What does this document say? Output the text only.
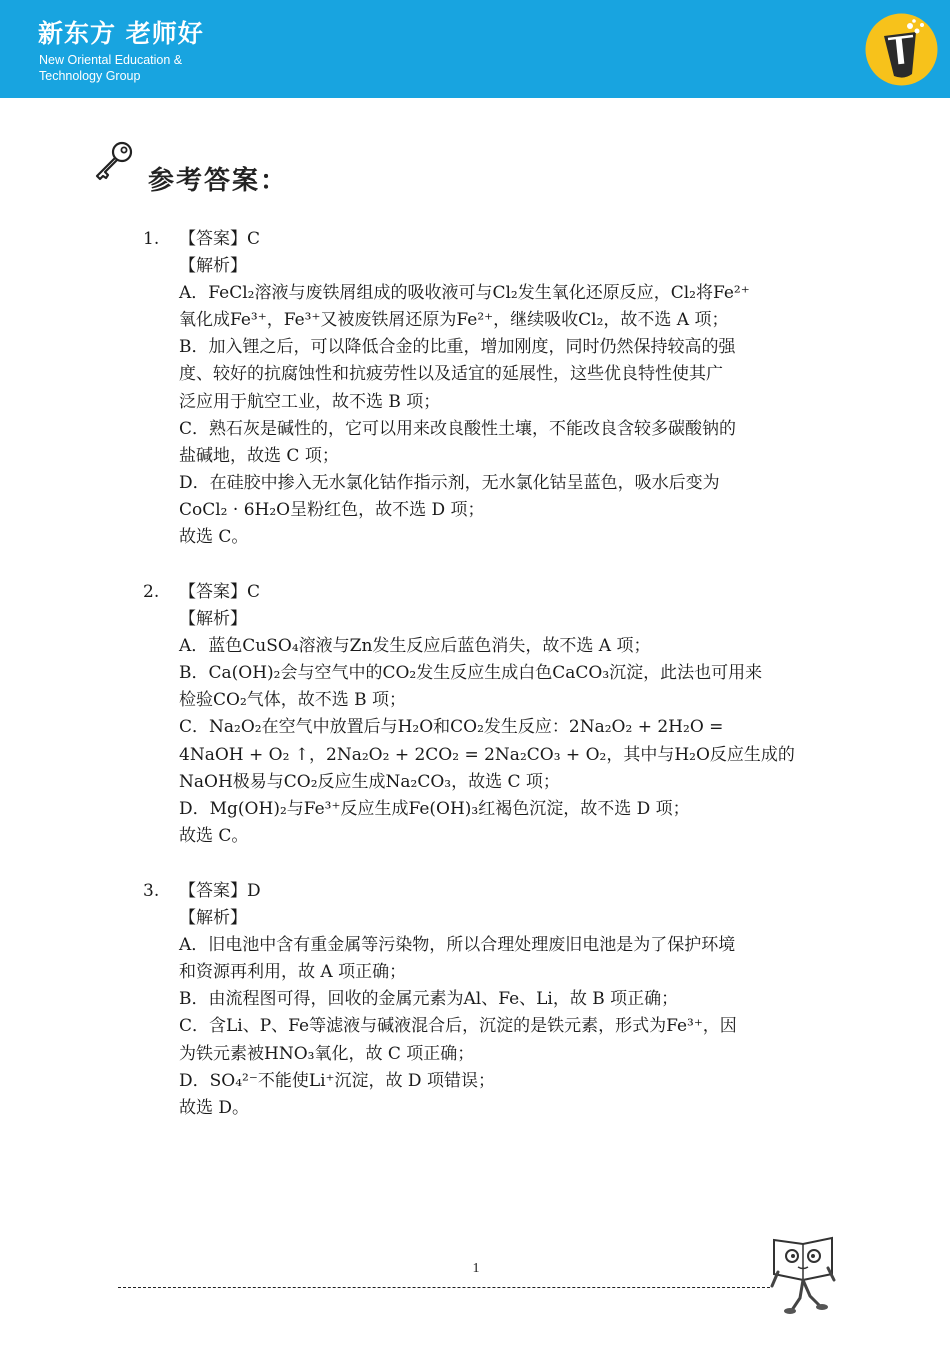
新东方 老师好
New Oriental Education & Technology Group
参考答案：
1. 【答案】C
【解析】
A．FeCl₂溶液与废铁屑组成的吸收液可与Cl₂发生氧化还原反应，Cl₂将Fe²⁺
氧化成Fe³⁺，Fe³⁺又被废铁屑还原为Fe²⁺，继续吸收Cl₂，故不选 A 项；
B．加入锂之后，可以降低合金的比重，增加刚度，同时仍然保持较高的强
度、较好的抗腐蚀性和抗疲劳性以及适宜的延展性，这些优良特性使其广
泛应用于航空工业，故不选 B 项；
C．熟石灰是碱性的，它可以用来改良酸性土壤，不能改良含较多碳酸钠的
盐碱地，故选 C 项；
D．在硅胶中掺入无水氯化钴作指示剂，无水氯化钴呈蓝色，吸水后变为
CoCl₂ · 6H₂O呈粉红色，故不选 D 项；
故选 C。
2. 【答案】C
【解析】
A．蓝色CuSO₄溶液与Zn发生反应后蓝色消失，故不选 A 项；
B．Ca(OH)₂会与空气中的CO₂发生反应生成白色CaCO₃沉淀，此法也可用来
检验CO₂气体，故不选 B 项；
C．Na₂O₂在空气中放置后与H₂O和CO₂发生反应：2Na₂O₂ + 2H₂O =
4NaOH + O₂ ↑，2Na₂O₂ + 2CO₂ = 2Na₂CO₃ + O₂，其中与H₂O反应生成的
NaOH极易与CO₂反应生成Na₂CO₃，故选 C 项；
D．Mg(OH)₂与Fe³⁺反应生成Fe(OH)₃红褐色沉淀，故不选 D 项；
故选 C。
3. 【答案】D
【解析】
A．旧电池中含有重金属等污染物，所以合理处理废旧电池是为了保护环境
和资源再利用，故 A 项正确；
B．由流程图可得，回收的金属元素为Al、Fe、Li，故 B 项正确；
C．含Li、P、Fe等滤液与碱液混合后，沉淀的是铁元素，形式为Fe³⁺，因
为铁元素被HNO₃氧化，故 C 项正确；
D．SO₄²⁻不能使Li⁺沉淀，故 D 项错误；
故选 D。
1
